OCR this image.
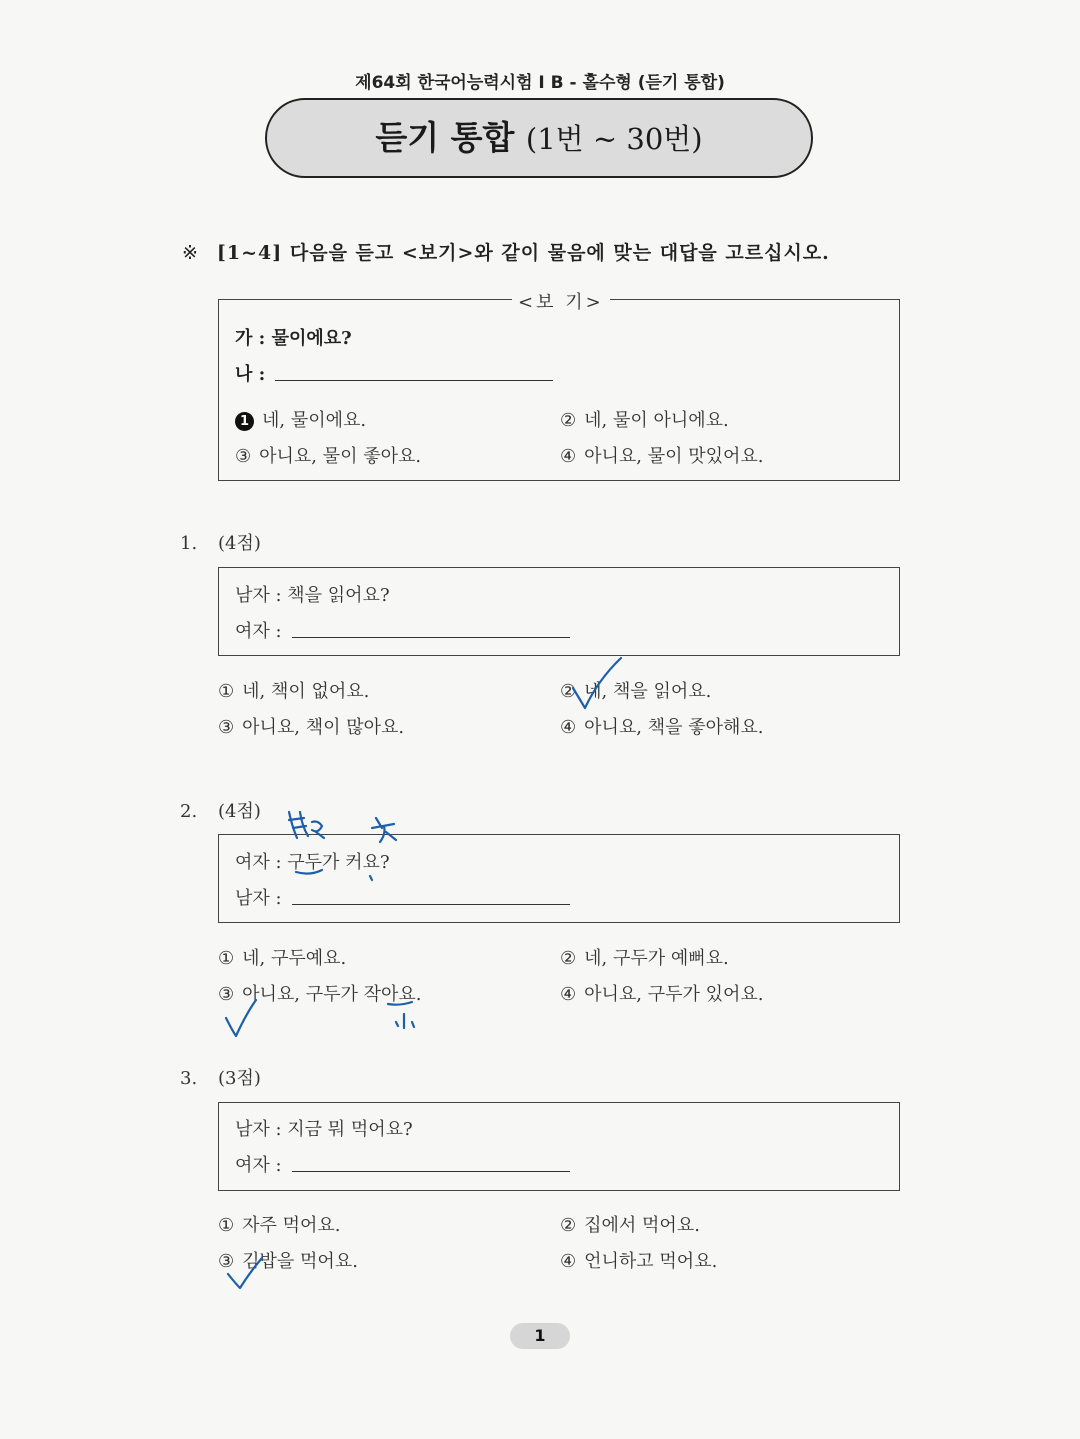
제64회 한국어능력시험 I B - 홀수형 (듣기 통합)
듣기 통합 (1번 ~ 30번)
※ [1~4] 다음을 듣고 <보기>와 같이 물음에 맞는 대답을 고르십시오.
<보 기>
가 : 물이에요?
나 :
1 네, 물이에요.	② 네, 물이 아니에요.
③ 아니요, 물이 좋아요.	④ 아니요, 물이 맛있어요.
1. (4점)
남자 : 책을 읽어요?
여자 :
① 네, 책이 없어요.	② 네, 책을 읽어요.
③ 아니요, 책이 많아요.	④ 아니요, 책을 좋아해요.
2. (4점)
여자 : 구두가 커요?
남자 :
① 네, 구두예요.	② 네, 구두가 예뻐요.
③ 아니요, 구두가 작아요.	④ 아니요, 구두가 있어요.
3. (3점)
남자 : 지금 뭐 먹어요?
여자 :
① 자주 먹어요.	② 집에서 먹어요.
③ 김밥을 먹어요.	④ 언니하고 먹어요.
1
